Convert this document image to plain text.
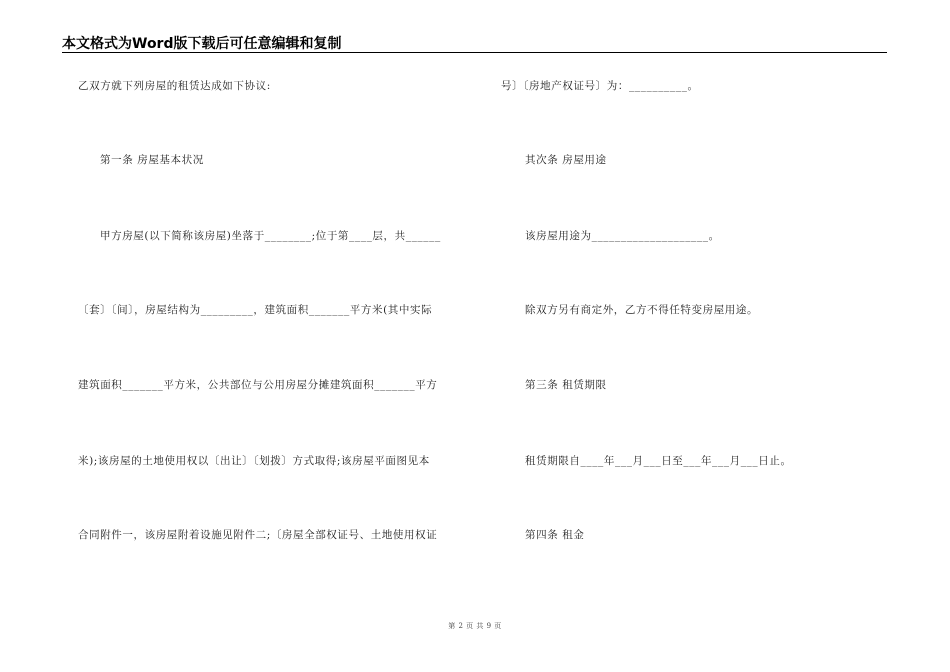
本文格式为Word版下载后可任意编辑和复制
乙双方就下列房屋的租赁达成如下协议:
第一条 房屋基本状况
甲方房屋(以下简称该房屋)坐落于________;位于第____层，共______
〔套〕〔间〕，房屋结构为_________，建筑面积_______平方米(其中实际
建筑面积_______平方米，公共部位与公用房屋分摊建筑面积_______平方
米);该房屋的土地使用权以〔出让〕〔划拨〕方式取得;该房屋平面图见本
合同附件一，该房屋附着设施见附件二;〔房屋全部权证号、土地使用权证
号〕〔房地产权证号〕为：__________。
其次条 房屋用途
该房屋用途为____________________。
除双方另有商定外，乙方不得任特变房屋用途。
第三条 租赁期限
租赁期限自____年___月___日至___年___月___日止。
第四条 租金
第 2 页 共 9 页
